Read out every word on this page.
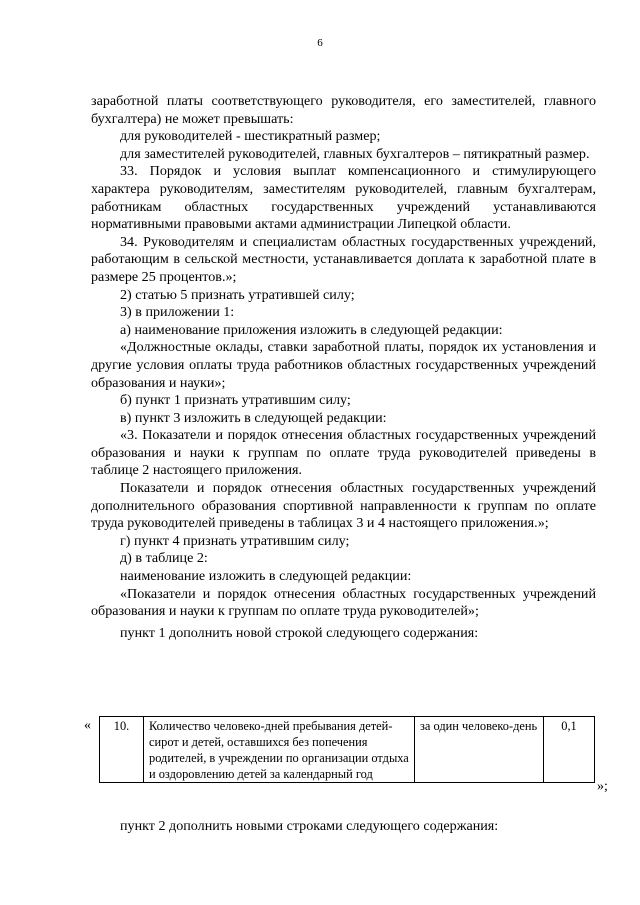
6

заработной платы соответствующего руководителя, его заместителей, главного бухгалтера) не может превышать:

для руководителей - шестикратный размер;

для заместителей руководителей, главных бухгалтеров – пятикратный размер.

33. Порядок и условия выплат компенсационного и стимулирующего характера руководителям, заместителям руководителей, главным бухгалтерам, работникам областных государственных учреждений устанавливаются нормативными правовыми актами администрации Липецкой области.

34. Руководителям и специалистам областных государственных учреждений, работающим в сельской местности, устанавливается доплата к заработной плате в размере 25 процентов.»;

2) статью 5 признать утратившей силу;

3) в приложении 1:

а) наименование приложения изложить в следующей редакции:

«Должностные оклады, ставки заработной платы, порядок их установления и другие условия оплаты труда работников областных государственных учреждений образования и науки»;

б) пункт 1 признать утратившим силу;

в) пункт 3 изложить в следующей редакции:

«3. Показатели и порядок отнесения областных государственных учреждений образования и науки к группам по оплате труда руководителей приведены в таблице 2 настоящего приложения.

Показатели и порядок отнесения областных государственных учреждений дополнительного образования спортивной направленности к группам по оплате труда руководителей приведены в таблицах 3 и 4 настоящего приложения.»;

г) пункт 4 признать утратившим силу;

д) в таблице 2:

наименование изложить в следующей редакции:

«Показатели и порядок отнесения областных государственных учреждений образования и науки к группам по оплате труда руководителей»;

пункт 1 дополнить новой строкой следующего содержания:

« 10.	Количество человеко-дней пребывания детей-сирот и детей, оставшихся без попечения родителей, в учреждении по организации отдыха и оздоровлению детей за календарный год	за один человеко-день	0,1
»;
пункт 2 дополнить новыми строками следующего содержания:
